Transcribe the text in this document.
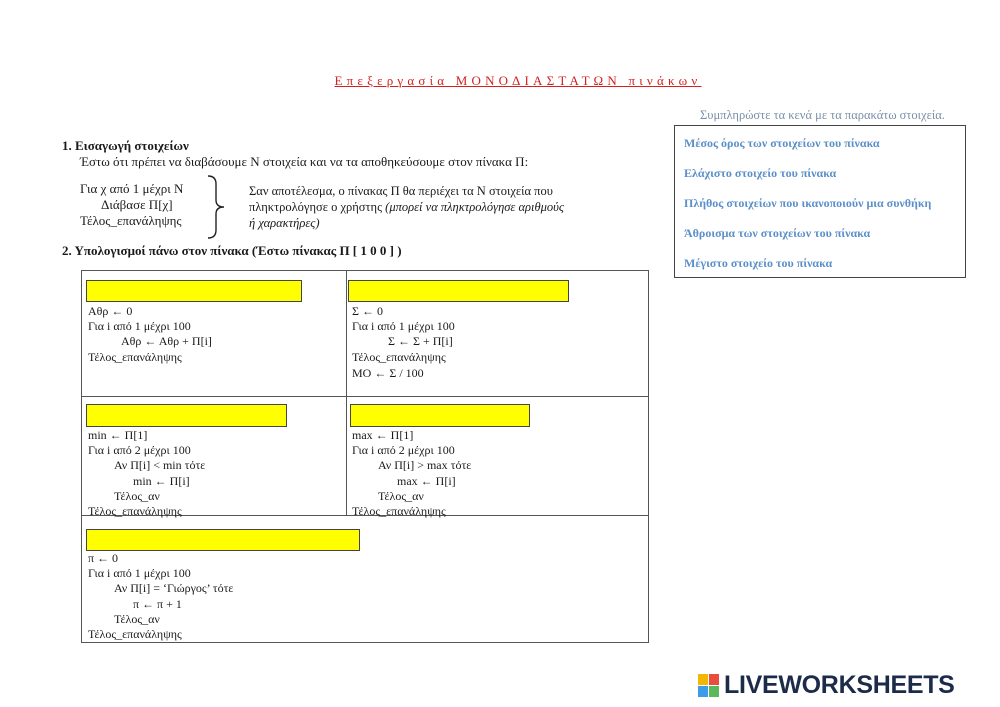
Επεξεργασία ΜΟΝΟΔΙΑΣΤΑΤΩΝ πινάκων
Συμπληρώστε τα κενά με τα παρακάτω στοιχεία.
Μέσος όρος των στοιχείων του πίνακα
Ελάχιστο στοιχείο του πίνακα
Πλήθος στοιχείων που ικανοποιούν μια συνθήκη
Άθροισμα των στοιχείων του πίνακα
Μέγιστο στοιχείο του πίνακα
1. Εισαγωγή στοιχείων
Έστω ότι πρέπει να διαβάσουμε Ν στοιχεία και να τα αποθηκεύσουμε στον πίνακα Π:
Για χ από 1 μέχρι Ν
Διάβασε Π[χ]
Τέλος_επανάληψης
Σαν αποτέλεσμα, ο πίνακας Π θα περιέχει τα Ν στοιχεία που
πληκτρολόγησε ο χρήστης (μπορεί να πληκτρολόγησε αριθμούς
ή χαρακτήρες)
2. Υπολογισμοί πάνω στον πίνακα (Έστω πίνακας Π [ 1 0 0 ] )
Αθρ ← 0
Για i από 1 μέχρι 100
Αθρ ← Αθρ + Π[i]
Τέλος_επανάληψης
Σ ← 0
Για i από 1 μέχρι 100
Σ ← Σ + Π[i]
Τέλος_επανάληψης
ΜΟ ← Σ / 100
min ← Π[1]
Για i από 2 μέχρι 100
Αν Π[i] < min τότε
min ← Π[i]
Τέλος_αν
Τέλος_επανάληψης
max ← Π[1]
Για i από 2 μέχρι 100
Αν Π[i] > max τότε
max ← Π[i]
Τέλος_αν
Τέλος_επανάληψης
π ← 0
Για i από 1 μέχρι 100
Αν Π[i] = ‘Γιώργος’ τότε
π ← π + 1
Τέλος_αν
Τέλος_επανάληψης
LIVEWORKSHEETS
